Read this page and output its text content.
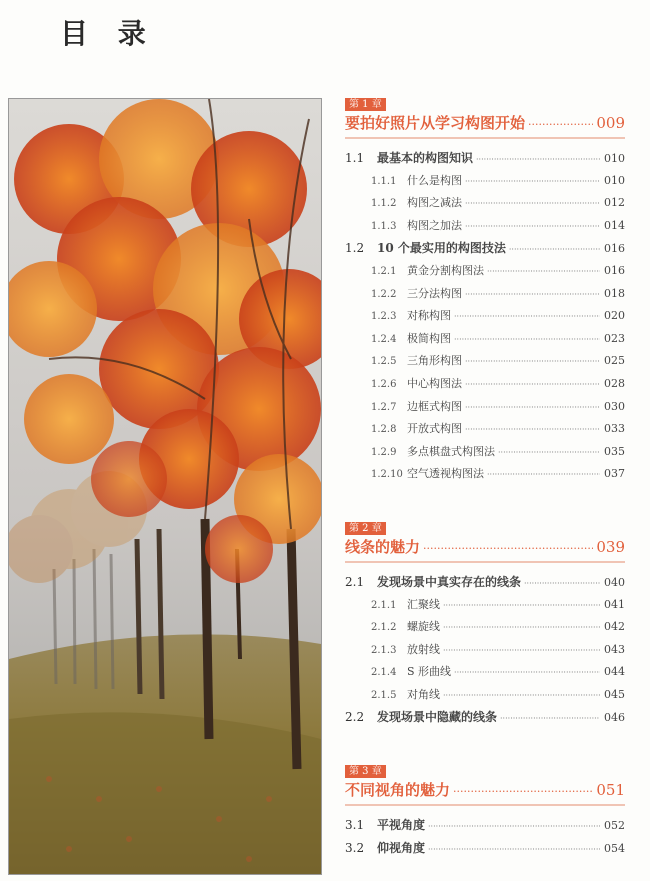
目 录
第 1 章
要拍好照片从学习构图开始 ·····	009
1.1	最基本的构图知识 ·····	010
1.1.1 什么是构图 ·····	010
1.1.2 构图之减法 ·····	012
1.1.3 构图之加法 ·····	014
1.2	10 个最实用的构图技法 ·····	016
1.2.1 黄金分割构图法 ·····	016
1.2.2 三分法构图 ·····	018
1.2.3 对称构图 ·····	020
1.2.4 极简构图 ·····	023
1.2.5 三角形构图 ·····	025
1.2.6 中心构图法 ·····	028
1.2.7 边框式构图 ·····	030
1.2.8 开放式构图 ·····	033
1.2.9 多点棋盘式构图法 ·····	035
1.2.10 空气透视构图法 ·····	037
第 2 章
线条的魅力 ·····	039
2.1	发现场景中真实存在的线条 ·····	040
2.1.1 汇聚线 ·····	041
2.1.2 螺旋线 ·····	042
2.1.3 放射线 ·····	043
2.1.4 S 形曲线 ·····	044
2.1.5 对角线 ·····	045
2.2	发现场景中隐藏的线条 ·····	046
第 3 章
不同视角的魅力 ·····	051
3.1	平视角度 ·····	052
3.2	仰视角度 ·····	054
